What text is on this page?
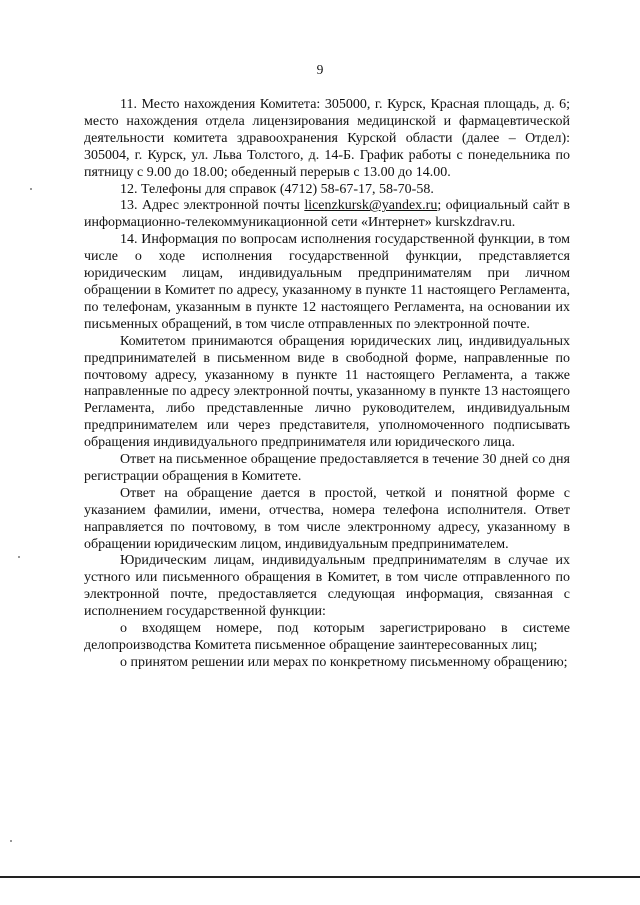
9

11. Место нахождения Комитета: 305000, г. Курск, Красная площадь, д. 6; место нахождения отдела лицензирования медицинской и фармацевтической деятельности комитета здравоохранения Курской области (далее – Отдел): 305004, г. Курск, ул. Льва Толстого, д. 14-Б. График работы с понедельника по пятницу с 9.00 до 18.00; обеденный перерыв с 13.00 до 14.00.

12. Телефоны для справок (4712) 58-67-17, 58-70-58.

13. Адрес электронной почты licenzkursk@yandex.ru; официальный сайт в информационно-телекоммуникационной сети «Интернет» kurskzdrav.ru.

14. Информация по вопросам исполнения государственной функции, в том числе о ходе исполнения государственной функции, представляется юридическим лицам, индивидуальным предпринимателям при личном обращении в Комитет по адресу, указанному в пункте 11 настоящего Регламента, по телефонам, указанным в пункте 12 настоящего Регламента, на основании их письменных обращений, в том числе отправленных по электронной почте.

Комитетом принимаются обращения юридических лиц, индивидуальных предпринимателей в письменном виде в свободной форме, направленные по почтовому адресу, указанному в пункте 11 настоящего Регламента, а также направленные по адресу электронной почты, указанному в пункте 13 настоящего Регламента, либо представленные лично руководителем, индивидуальным предпринимателем или через представителя, уполномоченного подписывать обращения индивидуального предпринимателя или юридического лица.

Ответ на письменное обращение предоставляется в течение 30 дней со дня регистрации обращения в Комитете.

Ответ на обращение дается в простой, четкой и понятной форме с указанием фамилии, имени, отчества, номера телефона исполнителя. Ответ направляется по почтовому, в том числе электронному адресу, указанному в обращении юридическим лицом, индивидуальным предпринимателем.

Юридическим лицам, индивидуальным предпринимателям в случае их устного или письменного обращения в Комитет, в том числе отправленного по электронной почте, предоставляется следующая информация, связанная с исполнением государственной функции:

о входящем номере, под которым зарегистрировано в системе делопроизводства Комитета письменное обращение заинтересованных лиц;

о принятом решении или мерах по конкретному письменному обращению;
